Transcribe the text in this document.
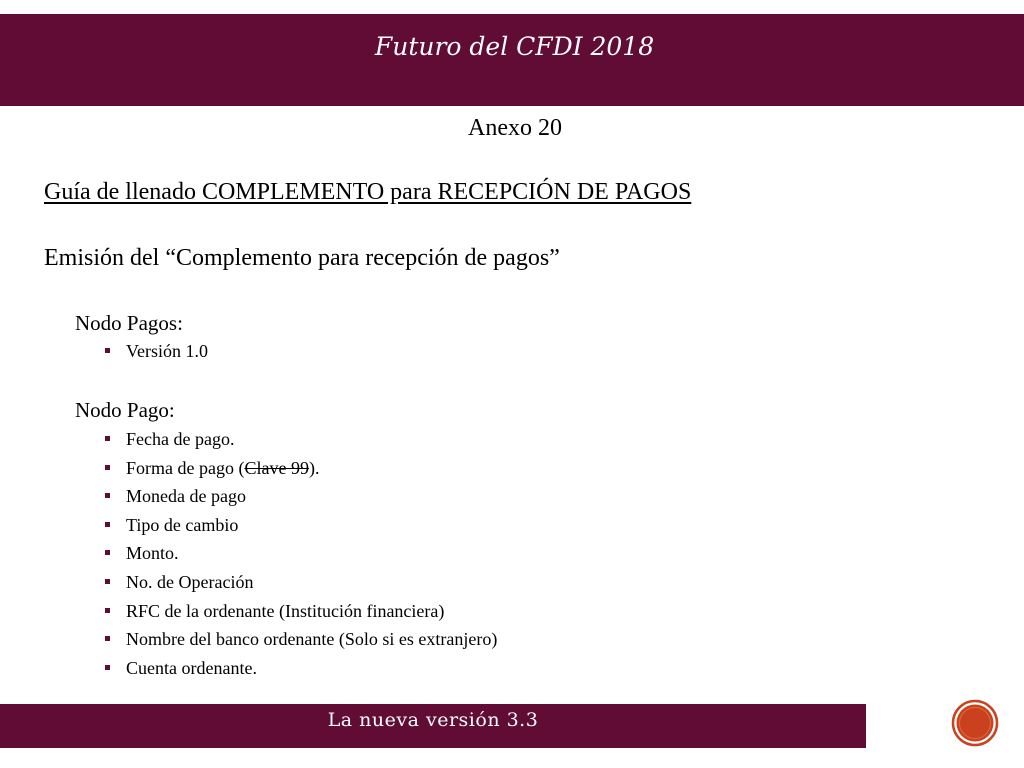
Futuro del CFDI 2018
Anexo 20
Guía de llenado COMPLEMENTO para RECEPCIÓN DE PAGOS
Emisión del “Complemento para recepción de pagos”
Nodo Pagos:
Versión 1.0
Nodo Pago:
Fecha de pago.
Forma de pago (Clave 99).
Moneda de pago
Tipo de cambio
Monto.
No. de Operación
RFC de la ordenante (Institución financiera)
Nombre del banco ordenante (Solo si es extranjero)
Cuenta ordenante.
La nueva versión 3.3
